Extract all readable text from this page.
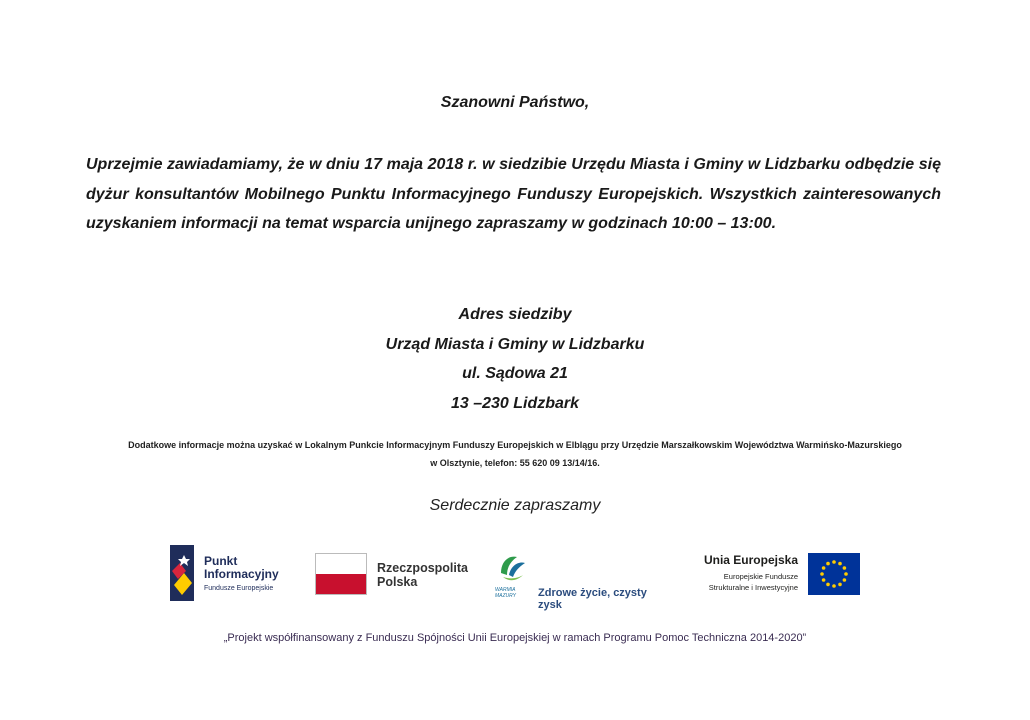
Szanowni Państwo,

Uprzejmie zawiadamiamy, że w dniu 17 maja 2018 r. w siedzibie Urzędu Miasta i Gminy w Lidzbarku odbędzie się dyżur konsultantów Mobilnego Punktu Informacyjnego Funduszy Europejskich. Wszystkich zainteresowanych uzyskaniem informacji na temat wsparcia unijnego zapraszamy w godzinach 10:00 – 13:00.

Adres siedziby
Urząd Miasta i Gminy w Lidzbarku
ul. Sądowa 21
13 –230 Lidzbark
Dodatkowe informacje można uzyskać w Lokalnym Punkcie Informacyjnym Funduszy Europejskich w Elblągu przy Urzędzie Marszałkowskim Województwa Warmińsko-Mazurskiego
w Olsztynie, telefon: 55 620 09 13/14/16.
Serdecznie zapraszamy
Punkt
Informacyjny
Fundusze Europejskie
Rzeczpospolita
Polska
WARMIA
MAZURY Zdrowe życie, czysty zysk
Unia Europejska
Europejskie Fundusze
Strukturalne i Inwestycyjne
„Projekt współfinansowany z Funduszu Spójności Unii Europejskiej w ramach Programu Pomoc Techniczna 2014-2020”
